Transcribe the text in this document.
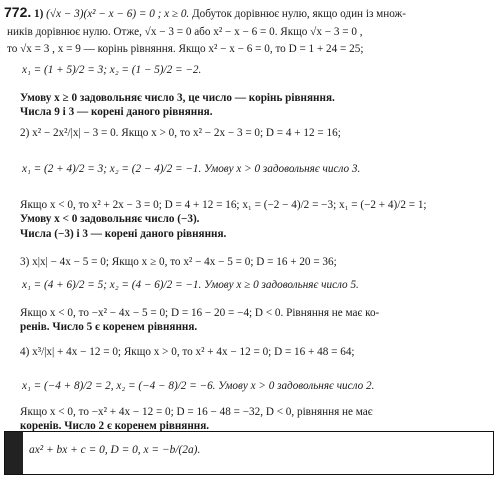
772. 1) (√x − 3)(x² − x − 6) = 0 ; x ≥ 0. Добуток дорівнює нулю, якщо один із множ-
ників дорівнює нулю. Отже, √x − 3 = 0 або x² − x − 6 = 0. Якщо √x − 3 = 0 ,
то √x = 3 , x = 9 — корінь рівняння. Якщо x² − x − 6 = 0, то D = 1 + 24 = 25;
x₁ = (1 + 5)/2 = 3; x₂ = (1 − 5)/2 = −2.
Умову x ≥ 0 задовольняє число 3, це число — корінь рівняння.
Числа 9 і 3 — корені даного рівняння.
2) x² − 2x²/|x| − 3 = 0. Якщо x > 0, то x² − 2x − 3 = 0; D = 4 + 12 = 16;
x₁ = (2 + 4)/2 = 3; x₂ = (2 − 4)/2 = −1. Умову x > 0 задовольняє число 3.
Якщо x < 0, то x² + 2x − 3 = 0; D = 4 + 12 = 16; x₁ = (−2 − 4)/2 = −3; x₁ = (−2 + 4)/2 = 1;
Умову x < 0 задовольняє число (−3).
Числа (−3) і 3 — корені даного рівняння.
3) x|x| − 4x − 5 = 0; Якщо x ≥ 0, то x² − 4x − 5 = 0; D = 16 + 20 = 36;
x₁ = (4 + 6)/2 = 5; x₂ = (4 − 6)/2 = −1. Умову x ≥ 0 задовольняє число 5.
Якщо x < 0, то −x² − 4x − 5 = 0; D = 16 − 20 = −4; D < 0. Рівняння не має ко-
ренів. Число 5 є коренем рівняння.
4) x³/|x| + 4x − 12 = 0; Якщо x > 0, то x² + 4x − 12 = 0; D = 16 + 48 = 64;
x₁ = (−4 + 8)/2 = 2, x₂ = (−4 − 8)/2 = −6. Умову x > 0 задовольняє число 2.
Якщо x < 0, то −x² + 4x − 12 = 0; D = 16 − 48 = −32, D < 0, рівняння не має
коренів. Число 2 є коренем рівняння.
ax² + bx + c = 0, D = 0, x = −b/(2a).
